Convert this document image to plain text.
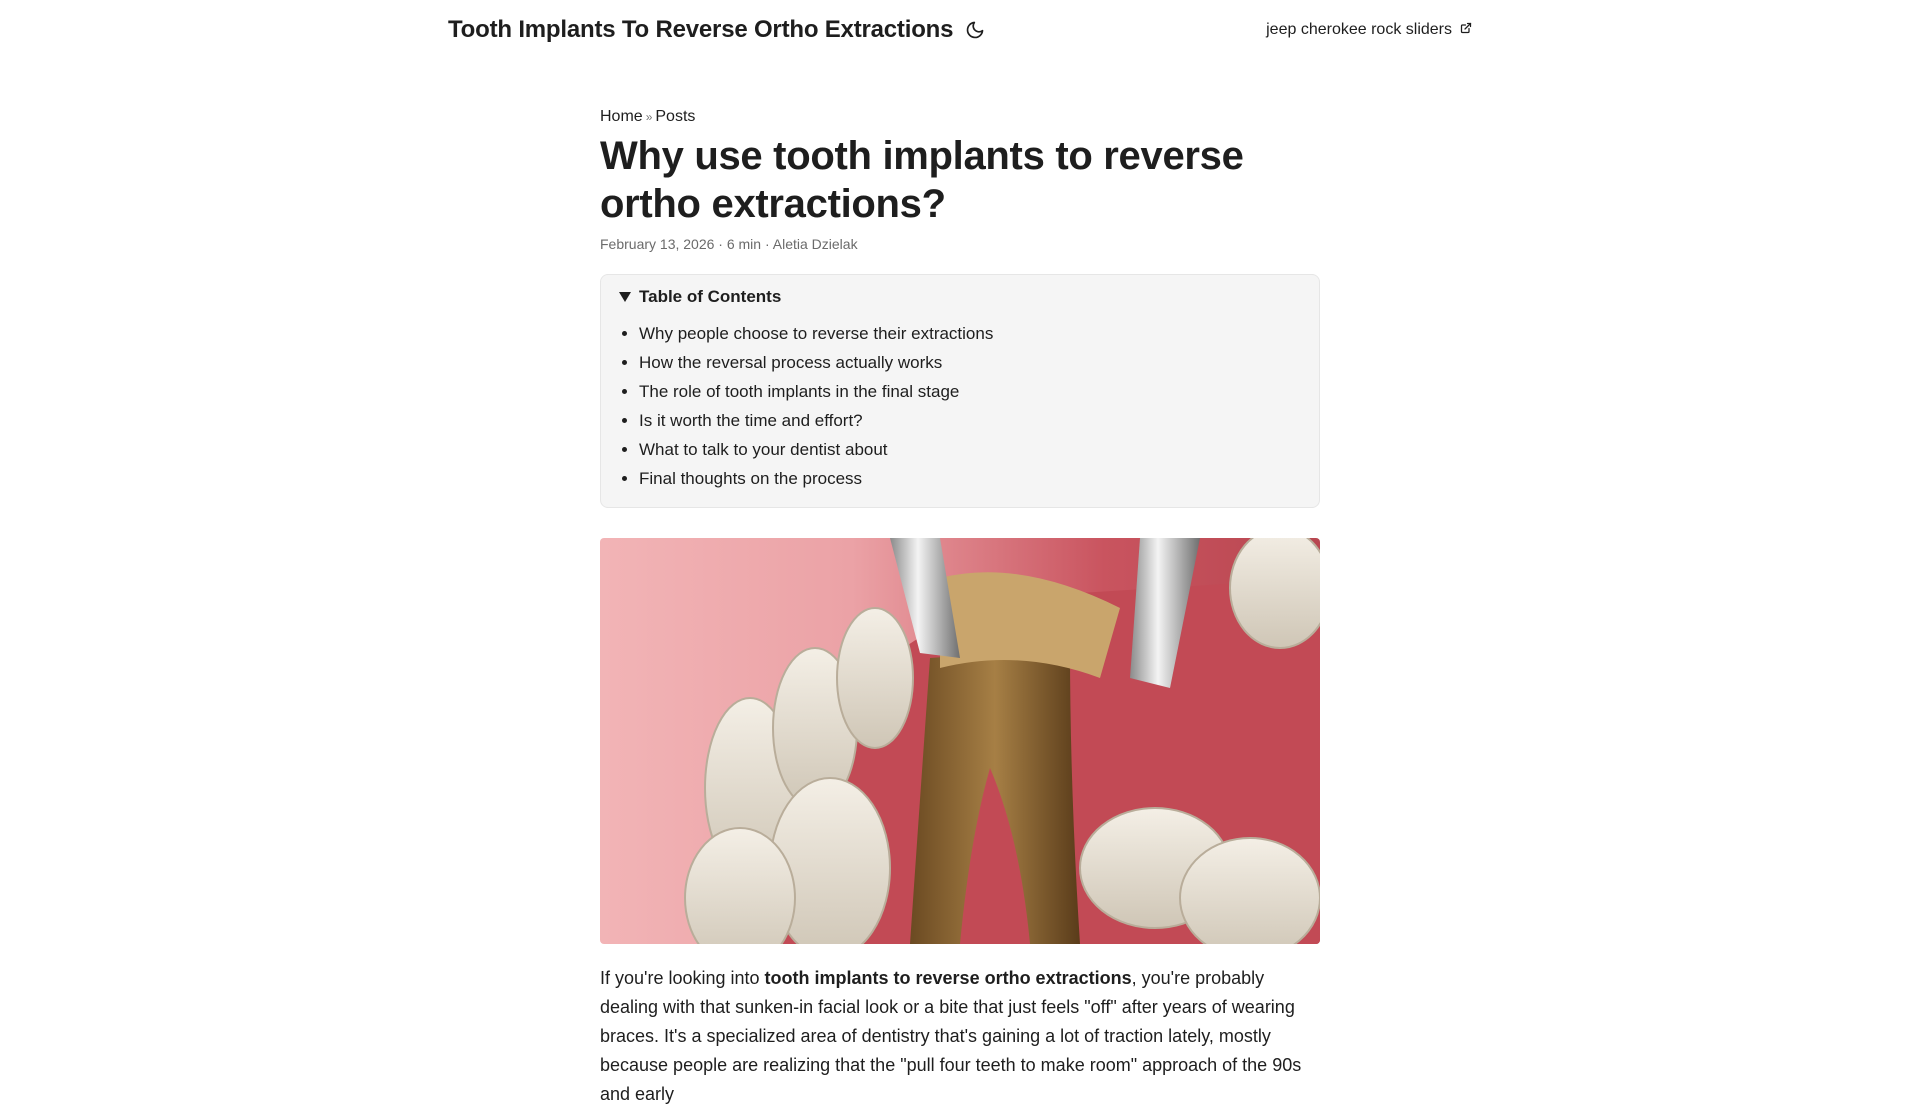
Tooth Implants To Reverse Ortho Extractions	jeep cherokee rock sliders
Home » Posts
Why use tooth implants to reverse ortho extractions?
February 13, 2026 · 6 min · Aletia Dzielak
Table of Contents
• Why people choose to reverse their extractions
• How the reversal process actually works
• The role of tooth implants in the final stage
• Is it worth the time and effort?
• What to talk to your dentist about
• Final thoughts on the process

If you're looking into tooth implants to reverse ortho extractions, you're probably dealing with that sunken-in facial look or a bite that just feels "off" after years of wearing braces. It's a specialized area of dentistry that's gaining a lot of traction lately, mostly because people are realizing that the "pull four teeth to make room" approach of the 90s and early
